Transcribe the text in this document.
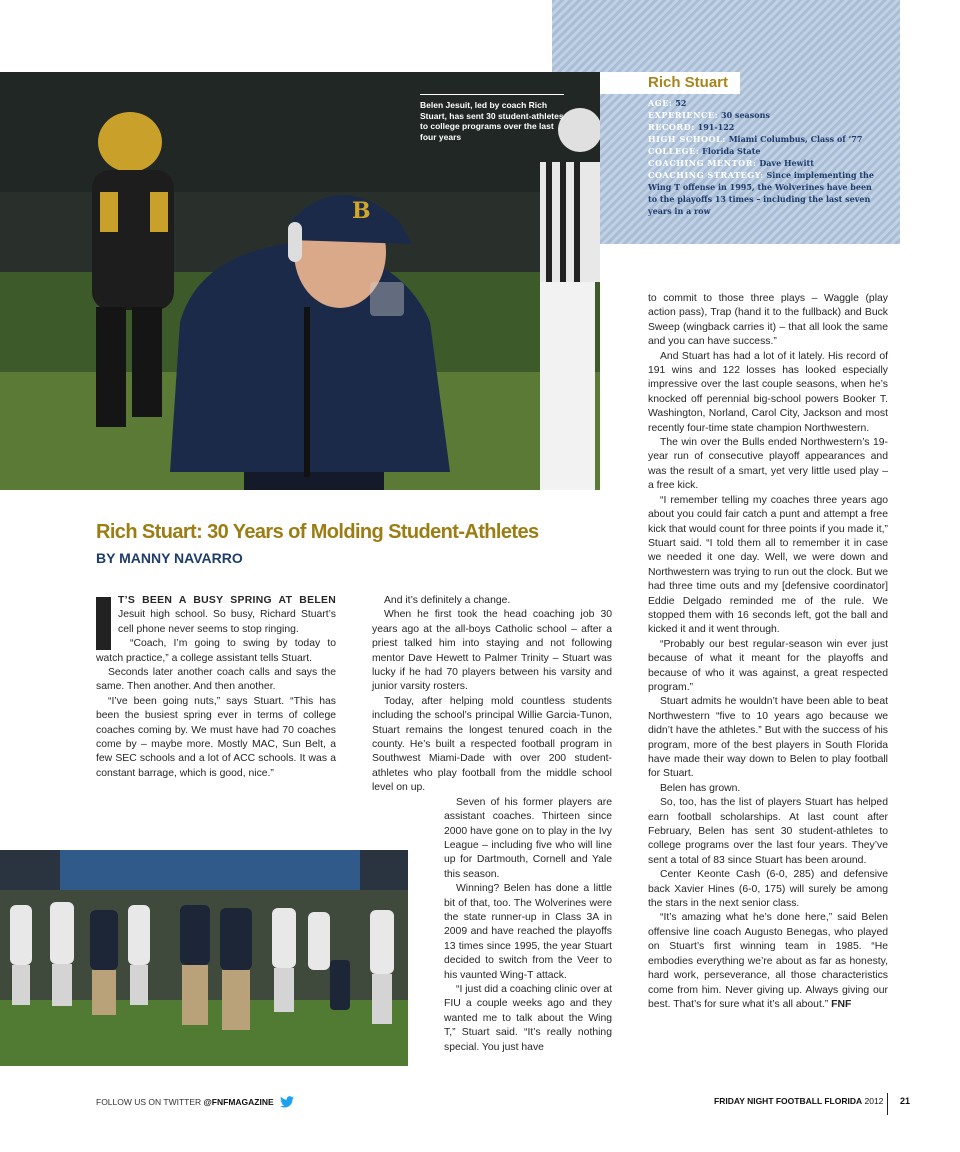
B
Belen Jesuit, led by coach Rich Stuart, has sent 30 student-athletes to college programs over the last four years
Rich Stuart
AGE: 52
EXPERIENCE: 30 seasons
RECORD: 191-122
HIGH SCHOOL: Miami Columbus, Class of ’77
COLLEGE: Florida State
COACHING MENTOR: Dave Hewitt
COACHING STRATEGY: Since implementing the Wing T offense in 1995, the Wolverines have been to the playoffs 13 times – including the last seven years in a row
Rich Stuart: 30 Years of Molding Student-Athletes
BY MANNY NAVARRO

T’S BEEN A BUSY SPRING AT BELEN Jesuit high school. So busy, Richard Stuart’s cell phone never seems to stop ringing.

“Coach, I’m going to swing by today to watch practice,” a college assistant tells Stuart.

Seconds later another coach calls and says the same. Then another. And then another.

“I’ve been going nuts,” says Stuart. “This has been the busiest spring ever in terms of college coaches coming by. We must have had 70 coaches come by – maybe more. Mostly MAC, Sun Belt, a few SEC schools and a lot of ACC schools. It was a constant barrage, which is good, nice.”

And it’s definitely a change.

When he first took the head coaching job 30 years ago at the all-boys Catholic school – after a priest talked him into staying and not following mentor Dave Hewett to Palmer Trinity – Stuart was lucky if he had 70 players between his varsity and junior varsity rosters.

Today, after helping mold countless students including the school’s principal Willie Garcia-Tunon, Stuart remains the longest tenured coach in the county. He’s built a respected football program in Southwest Miami-Dade with over 200 student-athletes who play football from the middle school level on up.

Seven of his former players are assistant coaches. Thirteen since 2000 have gone on to play in the Ivy League – including five who will line up for Dartmouth, Cornell and Yale this season.

Winning? Belen has done a little bit of that, too. The Wolverines were the state runner-up in Class 3A in 2009 and have reached the playoffs 13 times since 1995, the year Stuart decided to switch from the Veer to his vaunted Wing-T attack.

“I just did a coaching clinic over at FIU a couple weeks ago and they wanted me to talk about the Wing T,” Stuart said. “It’s really nothing special. You just have

to commit to those three plays – Waggle (play action pass), Trap (hand it to the fullback) and Buck Sweep (wingback carries it) – that all look the same and you can have success.”

And Stuart has had a lot of it lately. His record of 191 wins and 122 losses has looked especially impressive over the last couple seasons, when he’s knocked off perennial big-school powers Booker T. Washington, Norland, Carol City, Jackson and most recently four-time state champion Northwestern.

The win over the Bulls ended Northwestern’s 19-year run of consecutive playoff appearances and was the result of a smart, yet very little used play – a free kick.

“I remember telling my coaches three years ago about you could fair catch a punt and attempt a free kick that would count for three points if you made it,” Stuart said. “I told them all to remember it in case we needed it one day. Well, we were down and Northwestern was trying to run out the clock. But we had three time outs and my [defensive coordinator] Eddie Delgado reminded me of the rule. We stopped them with 16 seconds left, got the ball and kicked it and it went through.

“Probably our best regular-season win ever just because of what it meant for the playoffs and because of who it was against, a great respected program.”

Stuart admits he wouldn’t have been able to beat Northwestern “five to 10 years ago because we didn’t have the athletes.” But with the success of his program, more of the best players in South Florida have made their way down to Belen to play football for Stuart.

Belen has grown.

So, too, has the list of players Stuart has helped earn football scholarships. At last count after February, Belen has sent 30 student-athletes to college programs over the last four years. They’ve sent a total of 83 since Stuart has been around.

Center Keonte Cash (6-0, 285) and defensive back Xavier Hines (6-0, 175) will surely be among the stars in the next senior class.

“It’s amazing what he’s done here,” said Belen offensive line coach Augusto Benegas, who played on Stuart’s first winning team in 1985. “He embodies everything we’re about as far as honesty, hard work, perseverance, all those characteristics come from him. Never giving up. Always giving our best. That’s for sure what it’s all about.” FNF

FOLLOW US ON TWITTER @FNFMAGAZINE	FRIDAY NIGHT FOOTBALL FLORIDA 2012 21
